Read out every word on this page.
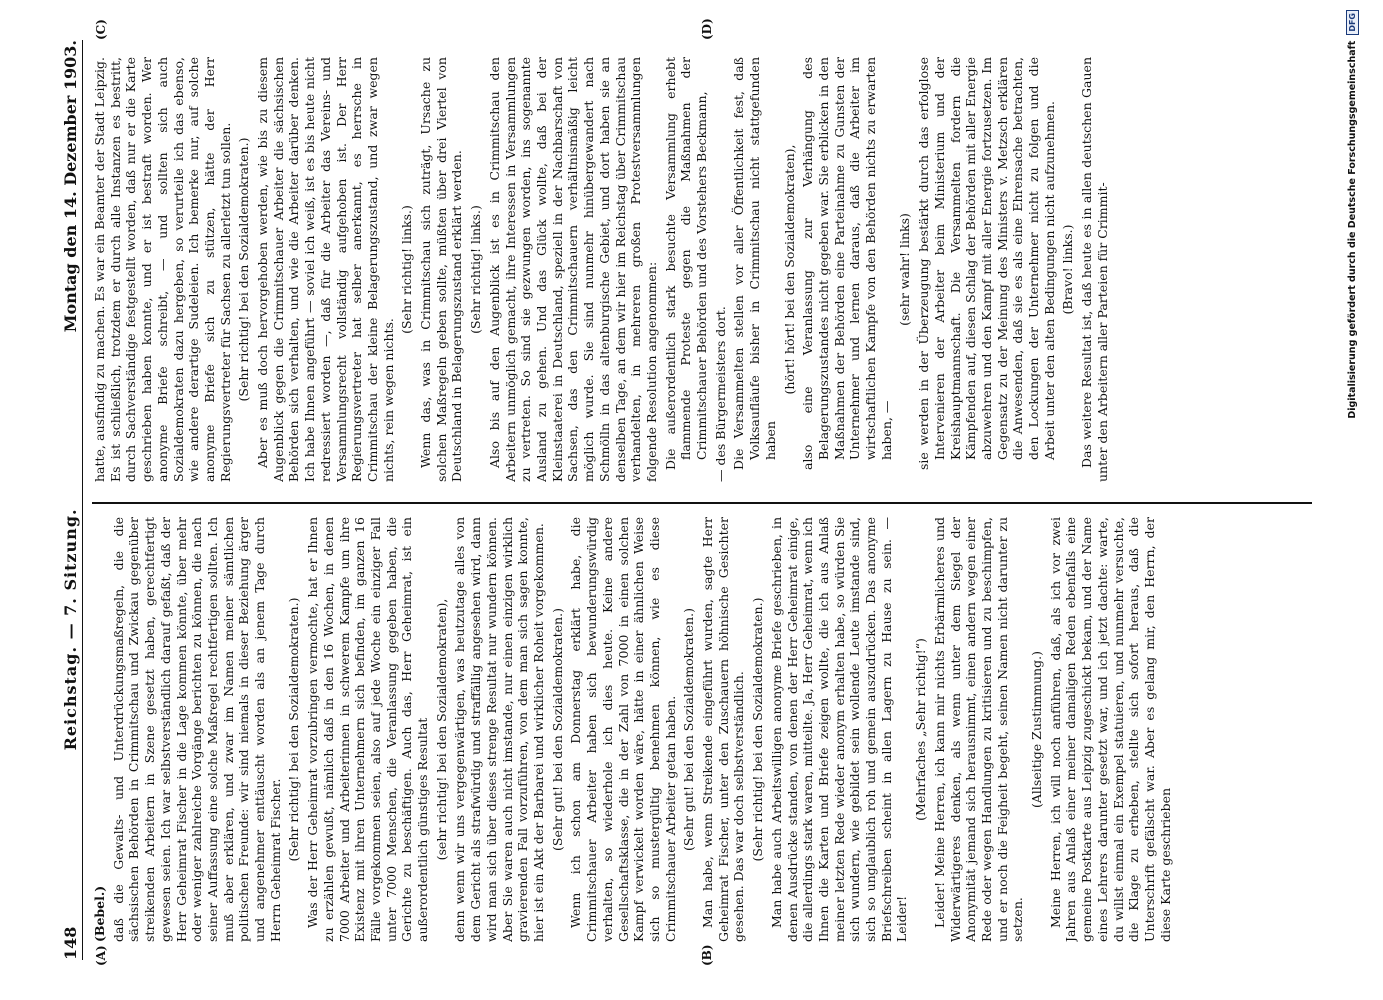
148
Reichstag. — 7. Sitzung.
Montag den 14. Dezember 1903.
(A)	(B)
(C)	(D)

(Bebel.) daß die Gewalts- und Unterdrückungsmaßregeln, die die sächsischen Behörden in Crimmitschau und Zwickau gegenüber streikenden Arbeitern in Szene gesetzt haben, gerechtfertigt gewesen seien. Ich war selbstverständlich darauf gefaßt, daß der Herr Geheimrat Fischer in die Lage kommen könnte, über mehr oder weniger zahlreiche Vorgänge berichten zu können, die nach seiner Auffassung eine solche Maßregel rechtfertigen sollten. Ich muß aber erklären, und zwar im Namen meiner sämtlichen politischen Freunde: wir sind niemals in dieser Beziehung ärger und angenehmer enttäuscht worden als an jenem Tage durch Herrn Geheimrat Fischer. (Sehr richtig! bei den Sozialdemokraten.) Was der Herr Geheimrat vorzubringen vermochte, hat er Ihnen zu erzählen gewußt, nämlich daß in den 16 Wochen, in denen 7000 Arbeiter und Arbeiterinnen in schwerem Kampfe um ihre Existenz mit ihren Unternehmern sich befinden, im ganzen 16 Fälle vorgekommen seien, also auf jede Woche ein einziger Fall unter 7000 Menschen, die Veranlassung gegeben haben, die Gerichte zu beschäftigen. Auch das, Herr Geheimrat, ist ein außerordentlich günstiges Resultat (sehr richtig! bei den Sozialdemokraten), denn wenn wir uns vergegenwärtigen, was heutzutage alles von dem Gericht als strafwürdig und straffällig angesehen wird, dann wird man sich über dieses strenge Resultat nur wundern können. Aber Sie waren auch nicht imstande, nur einen einzigen wirklich gravierenden Fall vorzuführen, von dem man sich sagen konnte, hier ist ein Akt der Barbarei und wirklicher Roheit vorgekommen. (Sehr gut! bei den Sozialdemokraten.) Wenn ich schon am Donnerstag erklärt habe, die Crimmitschauer Arbeiter haben sich bewunderungswürdig verhalten, so wiederhole ich dies heute. Keine andere Gesellschaftsklasse, die in der Zahl von 7000 in einen solchen Kampf verwickelt worden wäre, hätte in einer ähnlichen Weise sich so mustergültig benehmen können, wie es diese Crimmitschauer Arbeiter getan haben. (Sehr gut! bei den Sozialdemokraten.) Man habe, wenn Streikende eingeführt wurden, sagte Herr Geheimrat Fischer, unter den Zuschauern höhnische Gesichter gesehen. Das war doch selbstverständlich. (Sehr richtig! bei den Sozialdemokraten.) Man habe auch Arbeitswilligen anonyme Briefe geschrieben, in denen Ausdrücke standen, von denen der Herr Geheimrat einige, die allerdings stark waren, mitteilte. Ja, Herr Geheimrat, wenn ich Ihnen die Karten und Briefe zeigen wollte, die ich aus Anlaß meiner letzten Rede wieder anonym erhalten habe, so würden Sie sich wundern, wie gebildet sein wollende Leute imstande sind, sich so unglaublich roh und gemein auszudrücken. Das anonyme Briefschreiben scheint in allen Lagern zu Hause zu sein. — Leider!

(Mehrfaches „Sehr richtig!“) Leider! Meine Herren, ich kann mir nichts Erbärmlicheres und Widerwärtigeres denken, als wenn unter dem Siegel der Anonymität jemand sich herausnimmt, einen andern wegen einer Rede oder wegen Handlungen zu kritisieren und zu beschimpfen, und er noch die Feigheit begeht, seinen Namen nicht darunter zu setzen.

(Allseitige Zustimmung.) Meine Herren, ich will noch anführen, daß, als ich vor zwei Jahren aus Anlaß einer meiner damaligen Reden ebenfalls eine gemeine Postkarte aus Leipzig zugeschickt bekam, und der Name eines Lehrers darunter gesetzt war, und ich jetzt dachte: warte, du willst einmal ein Exempel statuieren, und nunmehr versuchte, die Klage zu erheben, stellte sich sofort heraus, daß die Unterschrift gefälscht war. Aber es gelang mir, den Herrn, der diese Karte geschrieben

hatte, ausfindig zu machen. Es war ein Beamter der Stadt Leipzig. Es ist schließlich, trotzdem er durch alle Instanzen es bestritt, durch Sachverständige festgestellt worden, daß nur er die Karte geschrieben haben konnte, und er ist bestraft worden. Wer anonyme Briefe schreibt, — und sollten sich auch Sozialdemokraten dazu hergeben, so verurteile ich das ebenso, wie andere derartige Sudeleien. Ich bemerke nur, auf solche anonyme Briefe sich zu stützen, hätte der Herr Regierungsvertreter für Sachsen zu allerletzt tun sollen. (Sehr richtig! bei den Sozialdemokraten.) Aber es muß doch hervorgehoben werden, wie bis zu diesem Augenblick gegen die Crimmitschauer Arbeiter die sächsischen Behörden sich verhalten, und wie die Arbeiter darüber denken. Ich habe Ihnen angeführt — soviel ich weiß, ist es bis heute nicht redressiert worden —, daß für die Arbeiter das Vereins- und Versammlungsrecht vollständig aufgehoben ist. Der Herr Regierungsvertreter hat selber anerkannt, es herrsche in Crimmitschau der kleine Belagerungszustand, und zwar wegen nichts, rein wegen nichts.

(Sehr richtig! links.) Wenn das, was in Crimmitschau sich zuträgt, Ursache zu solchen Maßregeln geben sollte, müßten über drei Viertel von Deutschland in Belagerungszustand erklärt werden. (Sehr richtig! links.) Also bis auf den Augenblick ist es in Crimmitschau den Arbeitern unmöglich gemacht, ihre Interessen in Versammlungen zu vertreten. So sind sie gezwungen worden, ins sogenannte Ausland zu gehen. Und das Glück wollte, daß bei der Kleinstaaterei in Deutschland, speziell in der Nachbarschaft von Sachsen, das den Crimmitschauern verhältnismäßig leicht möglich wurde. Sie sind nunmehr hinübergewandert nach Schmölln in das altenburgische Gebiet, und dort haben sie an denselben Tage, an dem wir hier im Reichstag über Crimmitschau verhandelten, in mehreren großen Protestversammlungen folgende Resolution angenommen: Die außerordentlich stark besuchte Versammlung erhebt flammende Proteste gegen die Maßnahmen der Crimmitschauer Behörden und des Vorstehers Beckmann, — des Bürgermeisters dort. Die Versammelten stellen vor aller Öffentlichkeit fest, daß Volksaufläufe bisher in Crimmitschau nicht stattgefunden haben

(hört! hört! bei den Sozialdemokraten), also eine Veranlassung zur Verhängung des Belagerungszustandes nicht gegeben war. Sie erblicken in den Maßnahmen der Behörden eine Parteinahme zu Gunsten der Unternehmer und lernen daraus, daß die Arbeiter im wirtschaftlichen Kampfe von den Behörden nichts zu erwarten haben, —

(sehr wahr! links) sie werden in der Überzeugung bestärkt durch das erfolglose Intervenieren der Arbeiter beim Ministerium und der Kreishauptmannschaft. Die Versammelten fordern die Kämpfenden auf, diesen Schlag der Behörden mit aller Energie abzuwehren und den Kampf mit aller Energie fortzusetzen. Im Gegensatz zu der Meinung des Ministers v. Metzsch erklären die Anwesenden, daß sie es als eine Ehrensache betrachten, den Lockungen der Unternehmer nicht zu folgen und die Arbeit unter den alten Bedingungen nicht aufzunehmen. (Bravo! links.) Das weitere Resultat ist, daß heute es in allen deutschen Gauen unter den Arbeitern aller Parteien für Crimmit-	Digitalisierung gefördert durch die Deutsche Forschungsgemeinschaft
DFG
